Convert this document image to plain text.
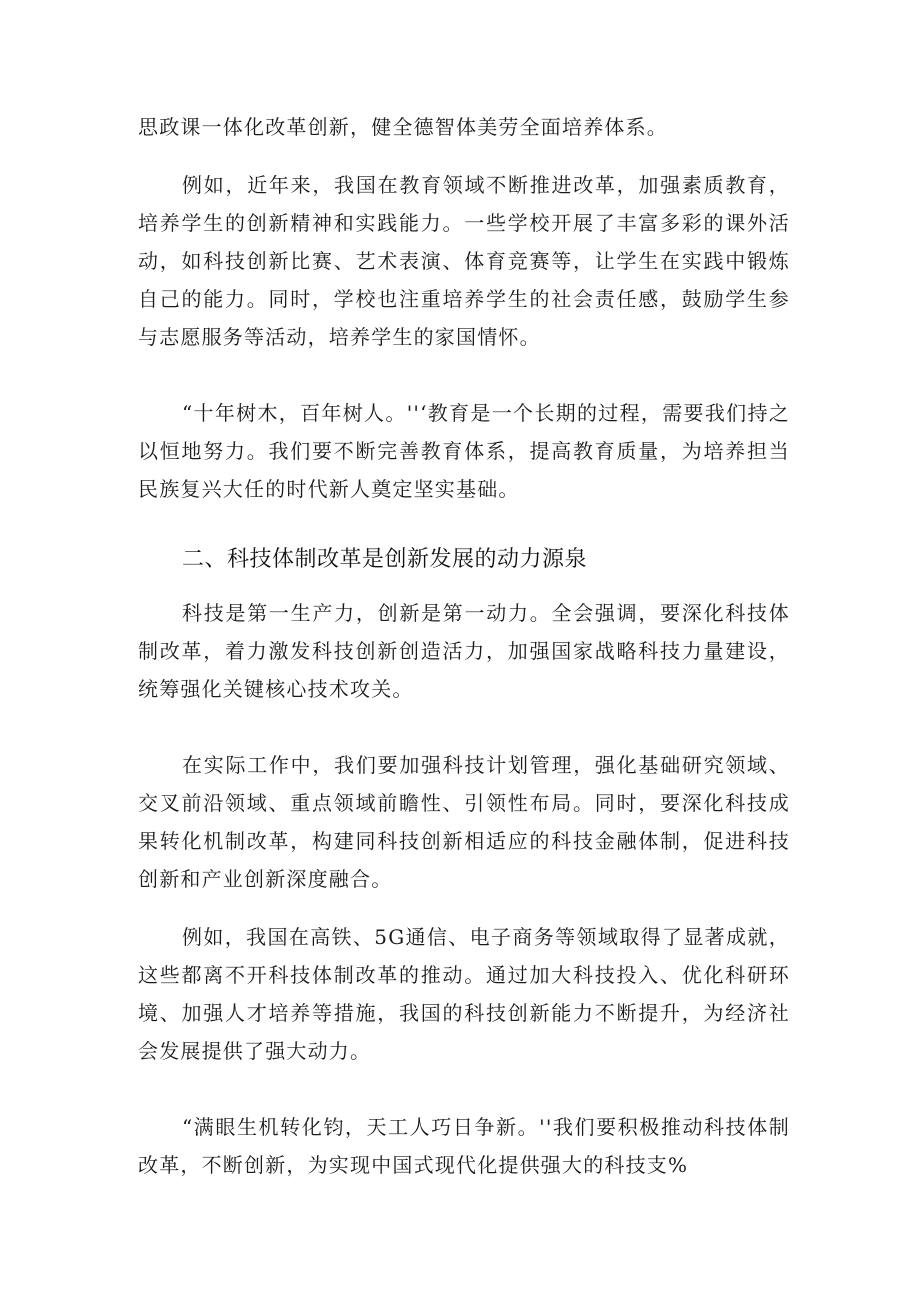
思政课一体化改革创新，健全德智体美劳全面培养体系。

例如，近年来，我国在教育领域不断推进改革，加强素质教育，培养学生的创新精神和实践能力。一些学校开展了丰富多彩的课外活动，如科技创新比赛、艺术表演、体育竞赛等，让学生在实践中锻炼自己的能力。同时，学校也注重培养学生的社会责任感，鼓励学生参与志愿服务等活动，培养学生的家国情怀。

“十年树木，百年树人。''‘教育是一个长期的过程，需要我们持之以恒地努力。我们要不断完善教育体系，提高教育质量，为培养担当民族复兴大任的时代新人奠定坚实基础。

二、科技体制改革是创新发展的动力源泉

科技是第一生产力，创新是第一动力。全会强调，要深化科技体制改革，着力激发科技创新创造活力，加强国家战略科技力量建设，统筹强化关键核心技术攻关。

在实际工作中，我们要加强科技计划管理，强化基础研究领域、交叉前沿领域、重点领域前瞻性、引领性布局。同时，要深化科技成果转化机制改革，构建同科技创新相适应的科技金融体制，促进科技创新和产业创新深度融合。

例如，我国在高铁、5G通信、电子商务等领域取得了显著成就，这些都离不开科技体制改革的推动。通过加大科技投入、优化科研环境、加强人才培养等措施，我国的科技创新能力不断提升，为经济社会发展提供了强大动力。

“满眼生机转化钧，天工人巧日争新。''我们要积极推动科技体制改革，不断创新，为实现中国式现代化提供强大的科技支%
